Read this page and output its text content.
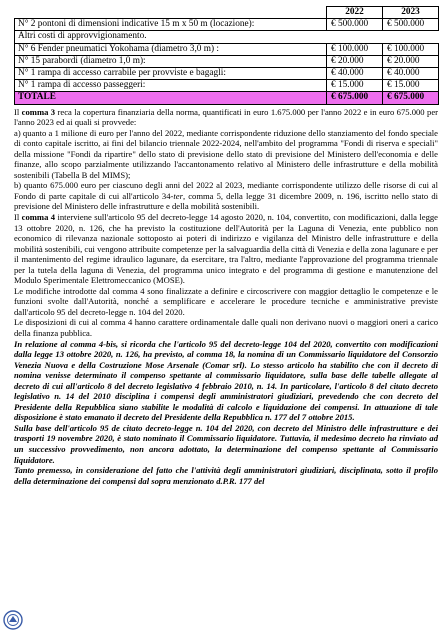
	2022	2023
N° 2 pontoni di dimensioni indicative 15 m x 50 m (locazione):	€ 500.000	€ 500.000
Altri costi di approvvigionamento.		
N° 6 Fender pneumatici Yokohama (diametro 3,0 m) :	€ 100.000	€ 100.000
N° 15 parabordi (diametro 1,0 m):	€ 20.000	€ 20.000
N° 1 rampa di accesso carrabile per provviste e bagagli:	€ 40.000	€ 40.000
N° 1 rampa di accesso passeggeri:	€ 15.000	€ 15.000
TOTALE	€ 675.000	€ 675.000

Il comma 3 reca la copertura finanziaria della norma, quantificati in euro 1.675.000 per l'anno 2022 e in euro 675.000 per l'anno 2023 ed ai quali si provvede:

a) quanto a 1 milione di euro per l'anno del 2022, mediante corrispondente riduzione dello stanziamento del fondo speciale di conto capitale iscritto, ai fini del bilancio triennale 2022-2024, nell'ambito del programma "Fondi di riserva e speciali" della missione "Fondi da ripartire" dello stato di previsione dello stato di previsione del Ministero dell'economia e delle finanze, allo scopo parzialmente utilizzando l'accantonamento relativo al Ministero delle infrastrutture e della mobilità sostenibili (Tabella B del MIMS);

b) quanto 675.000 euro per ciascuno degli anni del 2022 al 2023, mediante corrispondente utilizzo delle risorse di cui al Fondo di parte capitale di cui all'articolo 34-ter, comma 5, della legge 31 dicembre 2009, n. 196, iscritto nello stato di previsione del Ministero delle infrastrutture e della mobilità sostenibili.

Il comma 4 interviene sull'articolo 95 del decreto-legge 14 agosto 2020, n. 104, convertito, con modificazioni, dalla legge 13 ottobre 2020, n. 126, che ha previsto la costituzione dell'Autorità per la Laguna di Venezia, ente pubblico non economico di rilevanza nazionale sottoposto ai poteri di indirizzo e vigilanza del Ministro delle infrastrutture e della mobilità sostenibili, cui vengono attribuite competenze per la salvaguardia della città di Venezia e della zona lagunare e per il mantenimento del regime idraulico lagunare, da esercitare, tra l'altro, mediante l'approvazione del programma triennale per la tutela della laguna di Venezia, del programma unico integrato e del programma di gestione e manutenzione del Modulo Sperimentale Elettromeccanico (MOSE).

Le modifiche introdotte dal comma 4 sono finalizzate a definire e circoscrivere con maggior dettaglio le competenze e le funzioni svolte dall'Autorità, nonché a semplificare e accelerare le procedure tecniche e amministrative previste dall'articolo 95 del decreto-legge n. 104 del 2020.

Le disposizioni di cui al comma 4 hanno carattere ordinamentale dalle quali non derivano nuovi o maggiori oneri a carico della finanza pubblica.

In relazione al comma 4-bis, si ricorda che l'articolo 95 del decreto-legge 104 del 2020, convertito con modificazioni dalla legge 13 ottobre 2020, n. 126, ha previsto, al comma 18, la nomina di un Commissario liquidatore del Consorzio Venezia Nuova e della Costruzione Mose Arsenale (Comar srl). Lo stesso articolo ha stabilito che con il decreto di nomina venisse determinato il compenso spettante al commissario liquidatore, sulla base delle tabelle allegate al decreto di cui all'articolo 8 del decreto legislativo 4 febbraio 2010, n. 14. In particolare, l'articolo 8 del citato decreto legislativo n. 14 del 2010 disciplina i compensi degli amministratori giudiziari, prevedendo che con decreto del Presidente della Repubblica siano stabilite le modalità di calcolo e liquidazione dei compensi. In attuazione di tale disposizione è stato emanato il decreto del Presidente della Repubblica n. 177 del 7 ottobre 2015.

Sulla base dell'articolo 95 de citato decreto-legge n. 104 del 2020, con decreto del Ministro delle infrastrutture e dei trasporti 19 novembre 2020, è stato nominato il Commissario liquidatore. Tuttavia, il medesimo decreto ha rinviato ad un successivo provvedimento, non ancora adottato, la determinazione del compenso spettante al Commissario liquidatore.

Tanto premesso, in considerazione del fatto che l'attività degli amministratori giudiziari, disciplinata, sotto il profilo della determinazione dei compensi dal sopra menzionato d.P.R. 177 del
